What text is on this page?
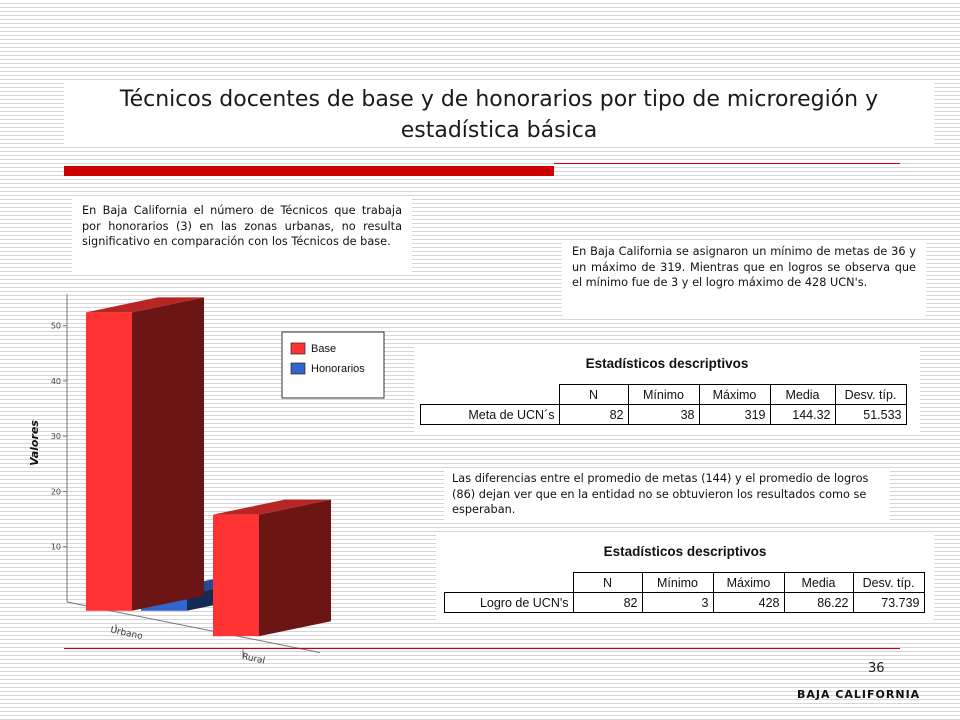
Técnicos docentes de base y de honorarios por tipo de microregión y estadística básica
En Baja California el número de Técnicos que trabaja por honorarios (3) en las zonas urbanas, no resulta significativo en comparación con los Técnicos de base.
En Baja California se asignaron un mínimo de metas de 36 y un máximo de 319. Mientras que en logros se observa que el mínimo fue de 3 y el logro máximo de 428 UCN's.
Estadísticos descriptivos
	N	Mínimo	Máximo	Media	Desv. típ.
Meta de UCN´s	82	38	319	144.32	51.533
Las diferencias entre el promedio de metas (144) y el promedio de logros (86) dejan ver que en la entidad no se obtuvieron los resultados como se esperaban.
Estadísticos descriptivos
	N	Mínimo	Máximo	Media	Desv. típ.
Logro de UCN's	82	3	428	86.22	73.739
10
20
30
40
50
Valores
Urbano
Rural
Base
Honorarios
36
BAJA CALIFORNIA
